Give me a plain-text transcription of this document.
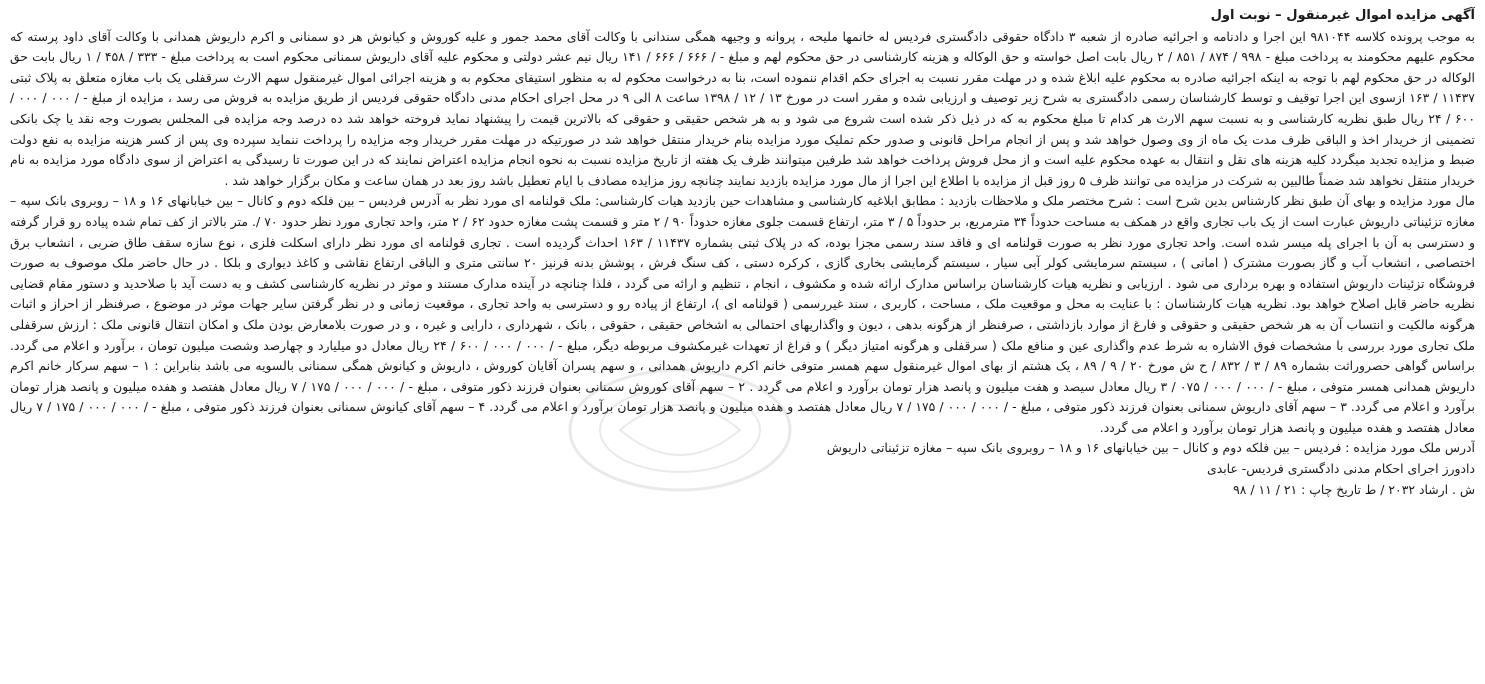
آگهی مزایده اموال غیرمنقول – نوبت اول

به موجب پرونده کلاسه ۹۸۱۰۴۴ این اجرا و دادنامه و اجرائیه صادره از شعبه ۳ دادگاه حقوقی دادگستری فردیس له خانمها ملیحه ، پروانه و وجیهه همگی سندانی با وکالت آقای محمد جمور و علیه کوروش و کیانوش هر دو سمنانی و اکرم داریوش همدانی با وکالت آقای داود پرسته که محکوم علیهم محکومند به پرداخت مبلغ - ۹۹۸ / ۸۷۴ / ۸۵۱ / ۲ ریال بابت اصل خواسته و حق الوکاله و هزینه کارشناسی در حق محکوم لهم و مبلغ - / ۶۶۶ / ۶۶۶ / ۱۴۱ ریال نیم عشر دولتی و محکوم علیه آقای داریوش سمنانی محکوم است به پرداخت مبلغ - ۳۳۳ / ۴۵۸ / ۱ ریال بابت حق الوکاله در حق محکوم لهم با توجه به اینکه اجرائیه صادره به محکوم علیه ابلاغ شده و در مهلت مقرر نسبت به اجرای حکم اقدام ننموده است، بنا به درخواست محکوم له به منظور استیفای محکوم به و هزینه اجرائی اموال غیرمنقول سهم الارث سرقفلی یک باب مغازه متعلق به پلاک ثبتی ۱۱۴۳۷ / ۱۶۳ ازسوی این اجرا توقیف و توسط کارشناسان رسمی دادگستری به شرح زیر توصیف و ارزیابی شده و مقرر است در مورخ ۱۳ / ۱۲ / ۱۳۹۸ ساعت ۸ الی ۹ در محل اجرای احکام مدنی دادگاه حقوقی فردیس از طریق مزایده به فروش می رسد ، مزایده از مبلغ - / ۰۰۰ / ۰۰۰ / ۶۰۰ / ۲۴ ریال طبق نظریه کارشناسی و به نسبت سهم الارث هر کدام تا مبلغ محکوم به که در ذیل ذکر شده است شروع می شود و به هر شخص حقیقی و حقوقی که بالاترین قیمت را پیشنهاد نماید فروخته خواهد شد ده درصد وجه مزایده فی المجلس بصورت وجه نقد یا چک بانکی تضمینی از خریدار اخذ و الباقی ظرف مدت یک ماه از وی وصول خواهد شد و پس از انجام مراحل قانونی و صدور حکم تملیک مورد مزایده بنام خریدار منتقل خواهد شد در صورتیکه در مهلت مقرر خریدار وجه مزایده را پرداخت ننماید سپرده وی پس از کسر هزینه مزایده به نفع دولت ضبط و مزایده تجدید میگردد کلیه هزینه های نقل و انتقال به عهده محکوم علیه است و از محل فروش پرداخت خواهد شد طرفین میتوانند ظرف یک هفته از تاریخ مزایده نسبت به نحوه انجام مزایده اعتراض نمایند که در این صورت تا رسیدگی به اعتراض از سوی دادگاه مورد مزایده به نام خریدار منتقل نخواهد شد ضمناً طالبین به شرکت در مزایده می توانند ظرف ۵ روز قبل از مزایده با اطلاع این اجرا از مال مورد مزایده بازدید نمایند چنانچه روز مزایده مصادف با ایام تعطیل باشد روز بعد در همان ساعت و مکان برگزار خواهد شد .

مال مورد مزایده و بهای آن طبق نظر کارشناس بدین شرح است : شرح مختصر ملک و ملاحظات بازدید : مطابق ابلاغیه کارشناسی و مشاهدات حین بازدید هیات کارشناسی: ملک قولنامه ای مورد نظر به آدرس فردیس – بین فلکه دوم و کانال – بین خیابانهای ۱۶ و ۱۸ – روبروی بانک سپه – مغازه تزئیناتی داریوش عبارت است از یک باب تجاری واقع در همکف به مساحت حدوداً ۳۴ مترمربع، بر حدوداً ۵ / ۳ متر، ارتفاع قسمت جلوی مغازه حدوداً ۹۰ / ۲ متر و قسمت پشت مغازه حدود ۶۲ / ۲ متر، واحد تجاری مورد نظر حدود ۷۰ /. متر بالاتر از کف تمام شده پیاده رو قرار گرفته و دسترسی به آن با اجرای پله میسر شده است. واحد تجاری مورد نظر به صورت قولنامه ای و فاقد سند رسمی مجزا بوده، که در پلاک ثبتی بشماره ۱۱۴۳۷ / ۱۶۳ احداث گردیده است . تجاری قولنامه ای مورد نظر دارای اسکلت فلزی ، نوع سازه سقف طاق ضربی ، انشعاب برق اختصاصی ، انشعاب آب و گاز بصورت مشترک ( امانی ) ، سیستم سرمایشی کولر آبی سیار ، سیستم گرمایشی بخاری گازی ، کرکره دستی ، کف سنگ فرش ، پوشش بدنه قرنیز ۲۰ سانتی متری و الباقی ارتفاع نقاشی و کاغذ دیواری و بلکا . در حال حاضر ملک موصوف به صورت فروشگاه تزئینات داریوش استفاده و بهره برداری می شود . ارزیابی و نظریه هیات کارشناسان براساس مدارک ارائه شده و مکشوف ، انجام ، تنظیم و ارائه می گردد ، فلذا چنانچه در آینده مدارک مستند و موثر در نظریه کارشناسی کشف و به دست آید با صلاحدید و دستور مقام قضایی نظریه حاضر قابل اصلاح خواهد بود. نظریه هیات کارشناسان : با عنایت به محل و موقعیت ملک ، مساحت ، کاربری ، سند غیررسمی ( قولنامه ای )، ارتفاع از پیاده رو و دسترسی به واحد تجاری ، موقعیت زمانی و در نظر گرفتن سایر جهات موثر در موضوع ، صرفنظر از احراز و اثبات هرگونه مالکیت و انتساب آن به هر شخص حقیقی و حقوقی و فارغ از موارد بازداشتی ، صرفنظر از هرگونه بدهی ، دیون و واگذاریهای احتمالی به اشخاص حقیقی ، حقوقی ، بانک ، شهرداری ، دارایی و غیره ، و در صورت بلامعارض بودن ملک و امکان انتقال قانونی ملک : ارزش سرقفلی ملک تجاری مورد بررسی با مشخصات فوق الاشاره به شرط عدم واگذاری عین و منافع ملک ( سرقفلی و هرگونه امتیاز دیگر ) و فراغ از تعهدات غیرمکشوف مربوطه دیگر، مبلغ - / ۰۰۰ / ۰۰۰ / ۶۰۰ / ۲۴ ریال معادل دو میلیارد و چهارصد وشصت میلیون تومان ، برآورد و اعلام می گردد. براساس گواهی حصروراثت بشماره ۸۹ / ۳ / ۸۳۲ / ح ش مورخ ۲۰ / ۹ / ۸۹ ، یک هشتم از بهای اموال غیرمنقول سهم همسر متوفی خانم اکرم داریوش همدانی ، و سهم پسران آقایان کوروش ، داریوش و کیانوش همگی سمنانی بالسویه می باشد بنابراین : ۱ – سهم سرکار خانم اکرم داریوش همدانی همسر متوفی ، مبلغ - / ۰۰۰ / ۰۰۰ / ۰۷۵ / ۳ ریال معادل سیصد و هفت میلیون و پانصد هزار تومان برآورد و اعلام می گردد . ۲ – سهم آقای کوروش سمنانی بعنوان فرزند ذکور متوفی ، مبلغ - / ۰۰۰ / ۰۰۰ / ۱۷۵ / ۷ ریال معادل هفتصد و هفده میلیون و پانصد هزار تومان برآورد و اعلام می گردد. ۳ – سهم آقای داریوش سمنانی بعنوان فرزند ذکور متوفی ، مبلغ - / ۰۰۰ / ۰۰۰ / ۱۷۵ / ۷ ریال معادل هفتصد و هفده میلیون و پانصد هزار تومان برآورد و اعلام می گردد. ۴ – سهم آقای کیانوش سمنانی بعنوان فرزند ذکور متوفی ، مبلغ - / ۰۰۰ / ۰۰۰ / ۱۷۵ / ۷ ریال معادل هفتصد و هفده میلیون و پانصد هزار تومان برآورد و اعلام می گردد.

آدرس ملک مورد مزایده : فردیس – بین فلکه دوم و کانال – بین خیابانهای ۱۶ و ۱۸ – روبروی بانک سپه – مغازه تزئیناتی داریوش

دادورز اجرای احکام مدنی دادگستری فردیس- عابدی

ش . ارشاد ۲۰۳۲ / ط تاریخ چاپ : ۲۱ / ۱۱ / ۹۸
